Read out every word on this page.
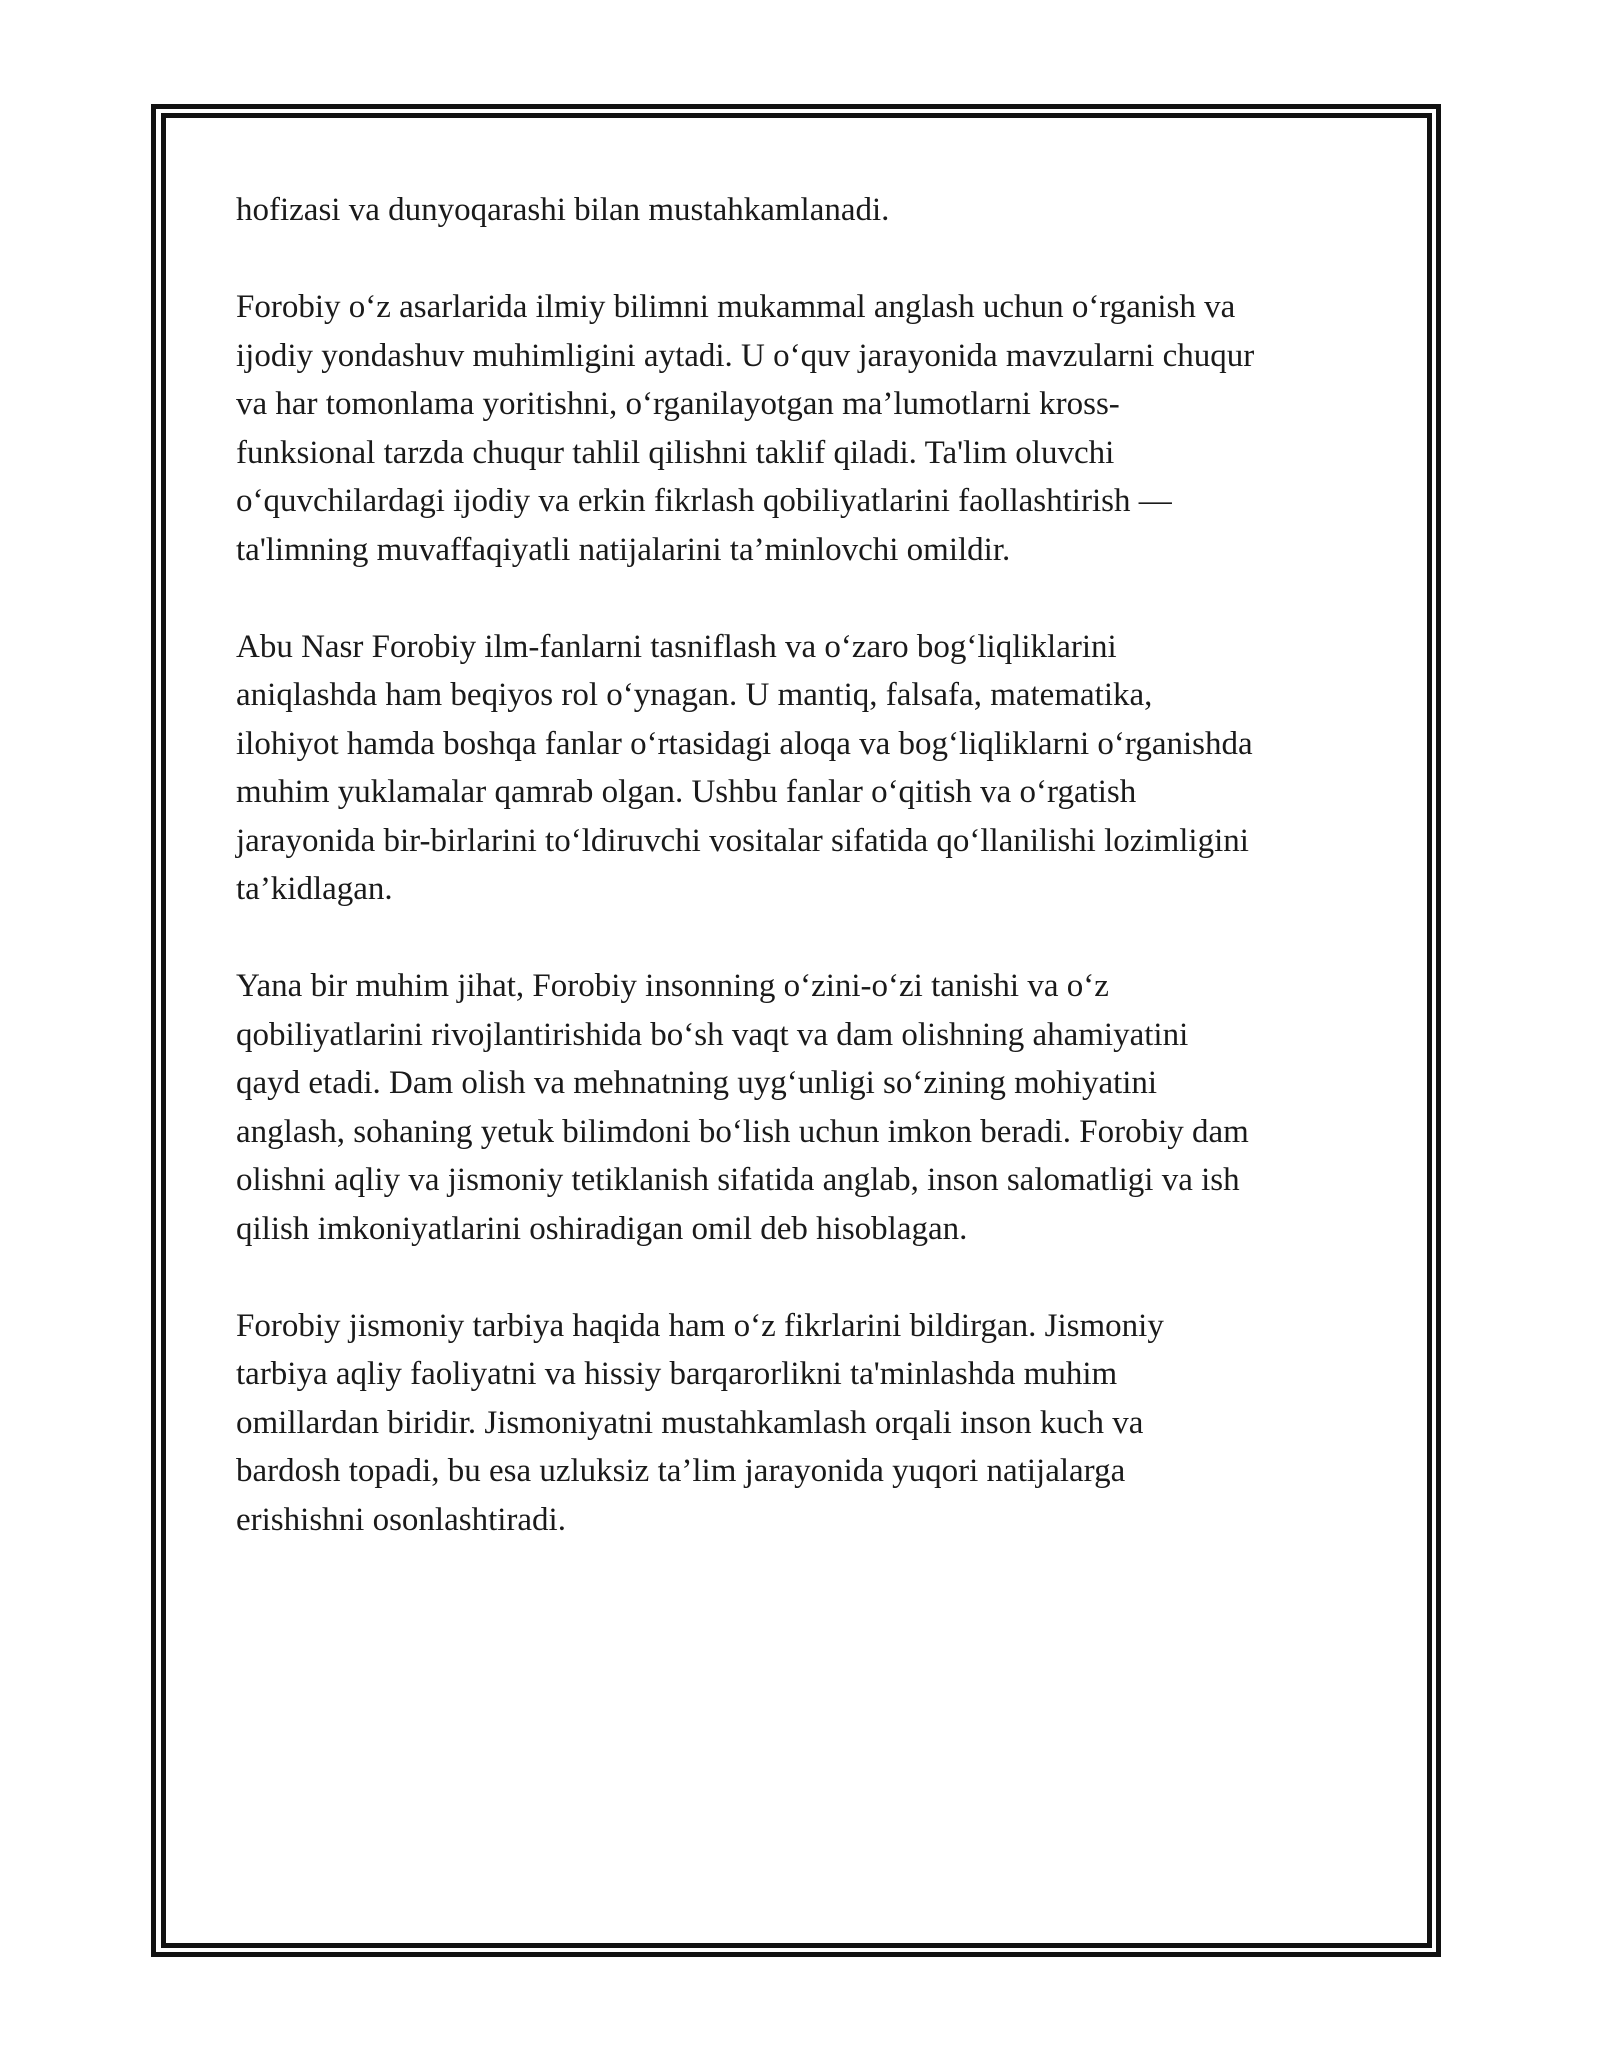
hofizasi va dunyoqarashi bilan mustahkamlanadi.

Forobiy o‘z asarlarida ilmiy bilimni mukammal anglash uchun o‘rganish va
ijodiy yondashuv muhimligini aytadi. U o‘quv jarayonida mavzularni chuqur
va har tomonlama yoritishni, o‘rganilayotgan ma’lumotlarni kross-
funksional tarzda chuqur tahlil qilishni taklif qiladi. Ta'lim oluvchi
o‘quvchilardagi ijodiy va erkin fikrlash qobiliyatlarini faollashtirish —
ta'limning muvaffaqiyatli natijalarini ta’minlovchi omildir.

Abu Nasr Forobiy ilm-fanlarni tasniflash va o‘zaro bog‘liqliklarini
aniqlashda ham beqiyos rol o‘ynagan. U mantiq, falsafa, matematika,
ilohiyot hamda boshqa fanlar o‘rtasidagi aloqa va bog‘liqliklarni o‘rganishda
muhim yuklamalar qamrab olgan. Ushbu fanlar o‘qitish va o‘rgatish
jarayonida bir-birlarini to‘ldiruvchi vositalar sifatida qo‘llanilishi lozimligini
ta’kidlagan.

Yana bir muhim jihat, Forobiy insonning o‘zini-o‘zi tanishi va o‘z
qobiliyatlarini rivojlantirishida bo‘sh vaqt va dam olishning ahamiyatini
qayd etadi. Dam olish va mehnatning uyg‘unligi so‘zining mohiyatini
anglash, sohaning yetuk bilimdoni bo‘lish uchun imkon beradi. Forobiy dam
olishni aqliy va jismoniy tetiklanish sifatida anglab, inson salomatligi va ish
qilish imkoniyatlarini oshiradigan omil deb hisoblagan.

Forobiy jismoniy tarbiya haqida ham o‘z fikrlarini bildirgan. Jismoniy
tarbiya aqliy faoliyatni va hissiy barqarorlikni ta'minlashda muhim
omillardan biridir. Jismoniyatni mustahkamlash orqali inson kuch va
bardosh topadi, bu esa uzluksiz ta’lim jarayonida yuqori natijalarga
erishishni osonlashtiradi.
